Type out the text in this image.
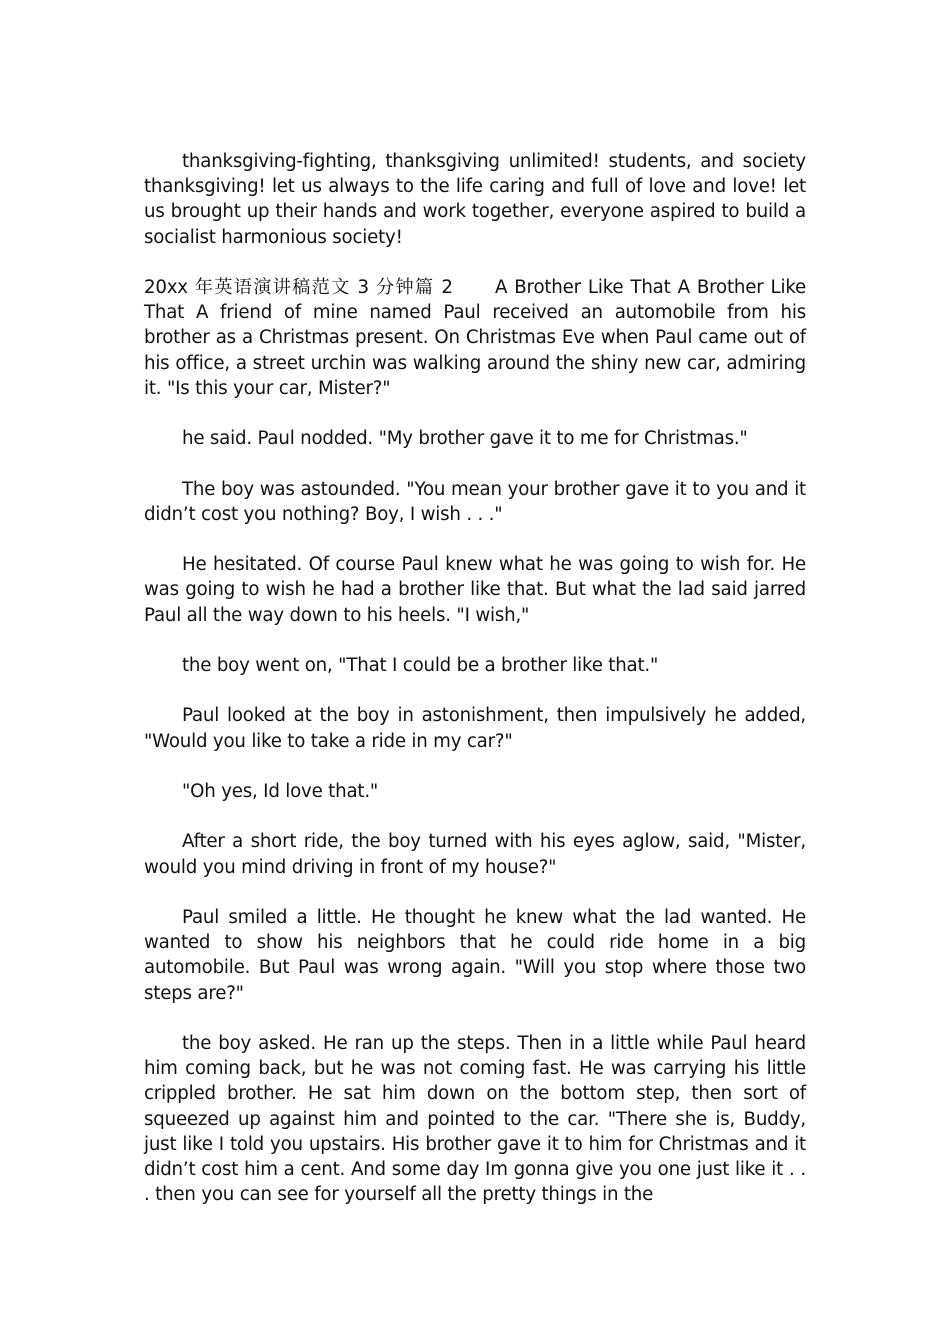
thanksgiving-fighting, thanksgiving unlimited! students, and society thanksgiving! let us always to the life caring and full of love and love! let us brought up their hands and work together, everyone aspired to build a socialist harmonious society!

20xx 年英语演讲稿范文 3 分钟篇 2      A Brother Like That A Brother Like That A friend of mine named Paul received an automobile from his brother as a Christmas present. On Christmas Eve when Paul came out of his office, a street urchin was walking around the shiny new car, admiring it. "Is this your car, Mister?"

he said. Paul nodded. "My brother gave it to me for Christmas."

The boy was astounded. "You mean your brother gave it to you and it didn’t cost you nothing? Boy, I wish . . ."

He hesitated. Of course Paul knew what he was going to wish for. He was going to wish he had a brother like that. But what the lad said jarred Paul all the way down to his heels. "I wish,"

the boy went on, "That I could be a brother like that."

Paul looked at the boy in astonishment, then impulsively he added, "Would you like to take a ride in my car?"

"Oh yes, Id love that."

After a short ride, the boy turned with his eyes aglow, said, "Mister, would you mind driving in front of my house?"

Paul smiled a little. He thought he knew what the lad wanted. He wanted to show his neighbors that he could ride home in a big automobile. But Paul was wrong again. "Will you stop where those two steps are?"

the boy asked. He ran up the steps. Then in a little while Paul heard him coming back, but he was not coming fast. He was carrying his little crippled brother. He sat him down on the bottom step, then sort of squeezed up against him and pointed to the car. "There she is, Buddy, just like I told you upstairs. His brother gave it to him for Christmas and it didn’t cost him a cent. And some day Im gonna give you one just like it . . . then you can see for yourself all the pretty things in the
